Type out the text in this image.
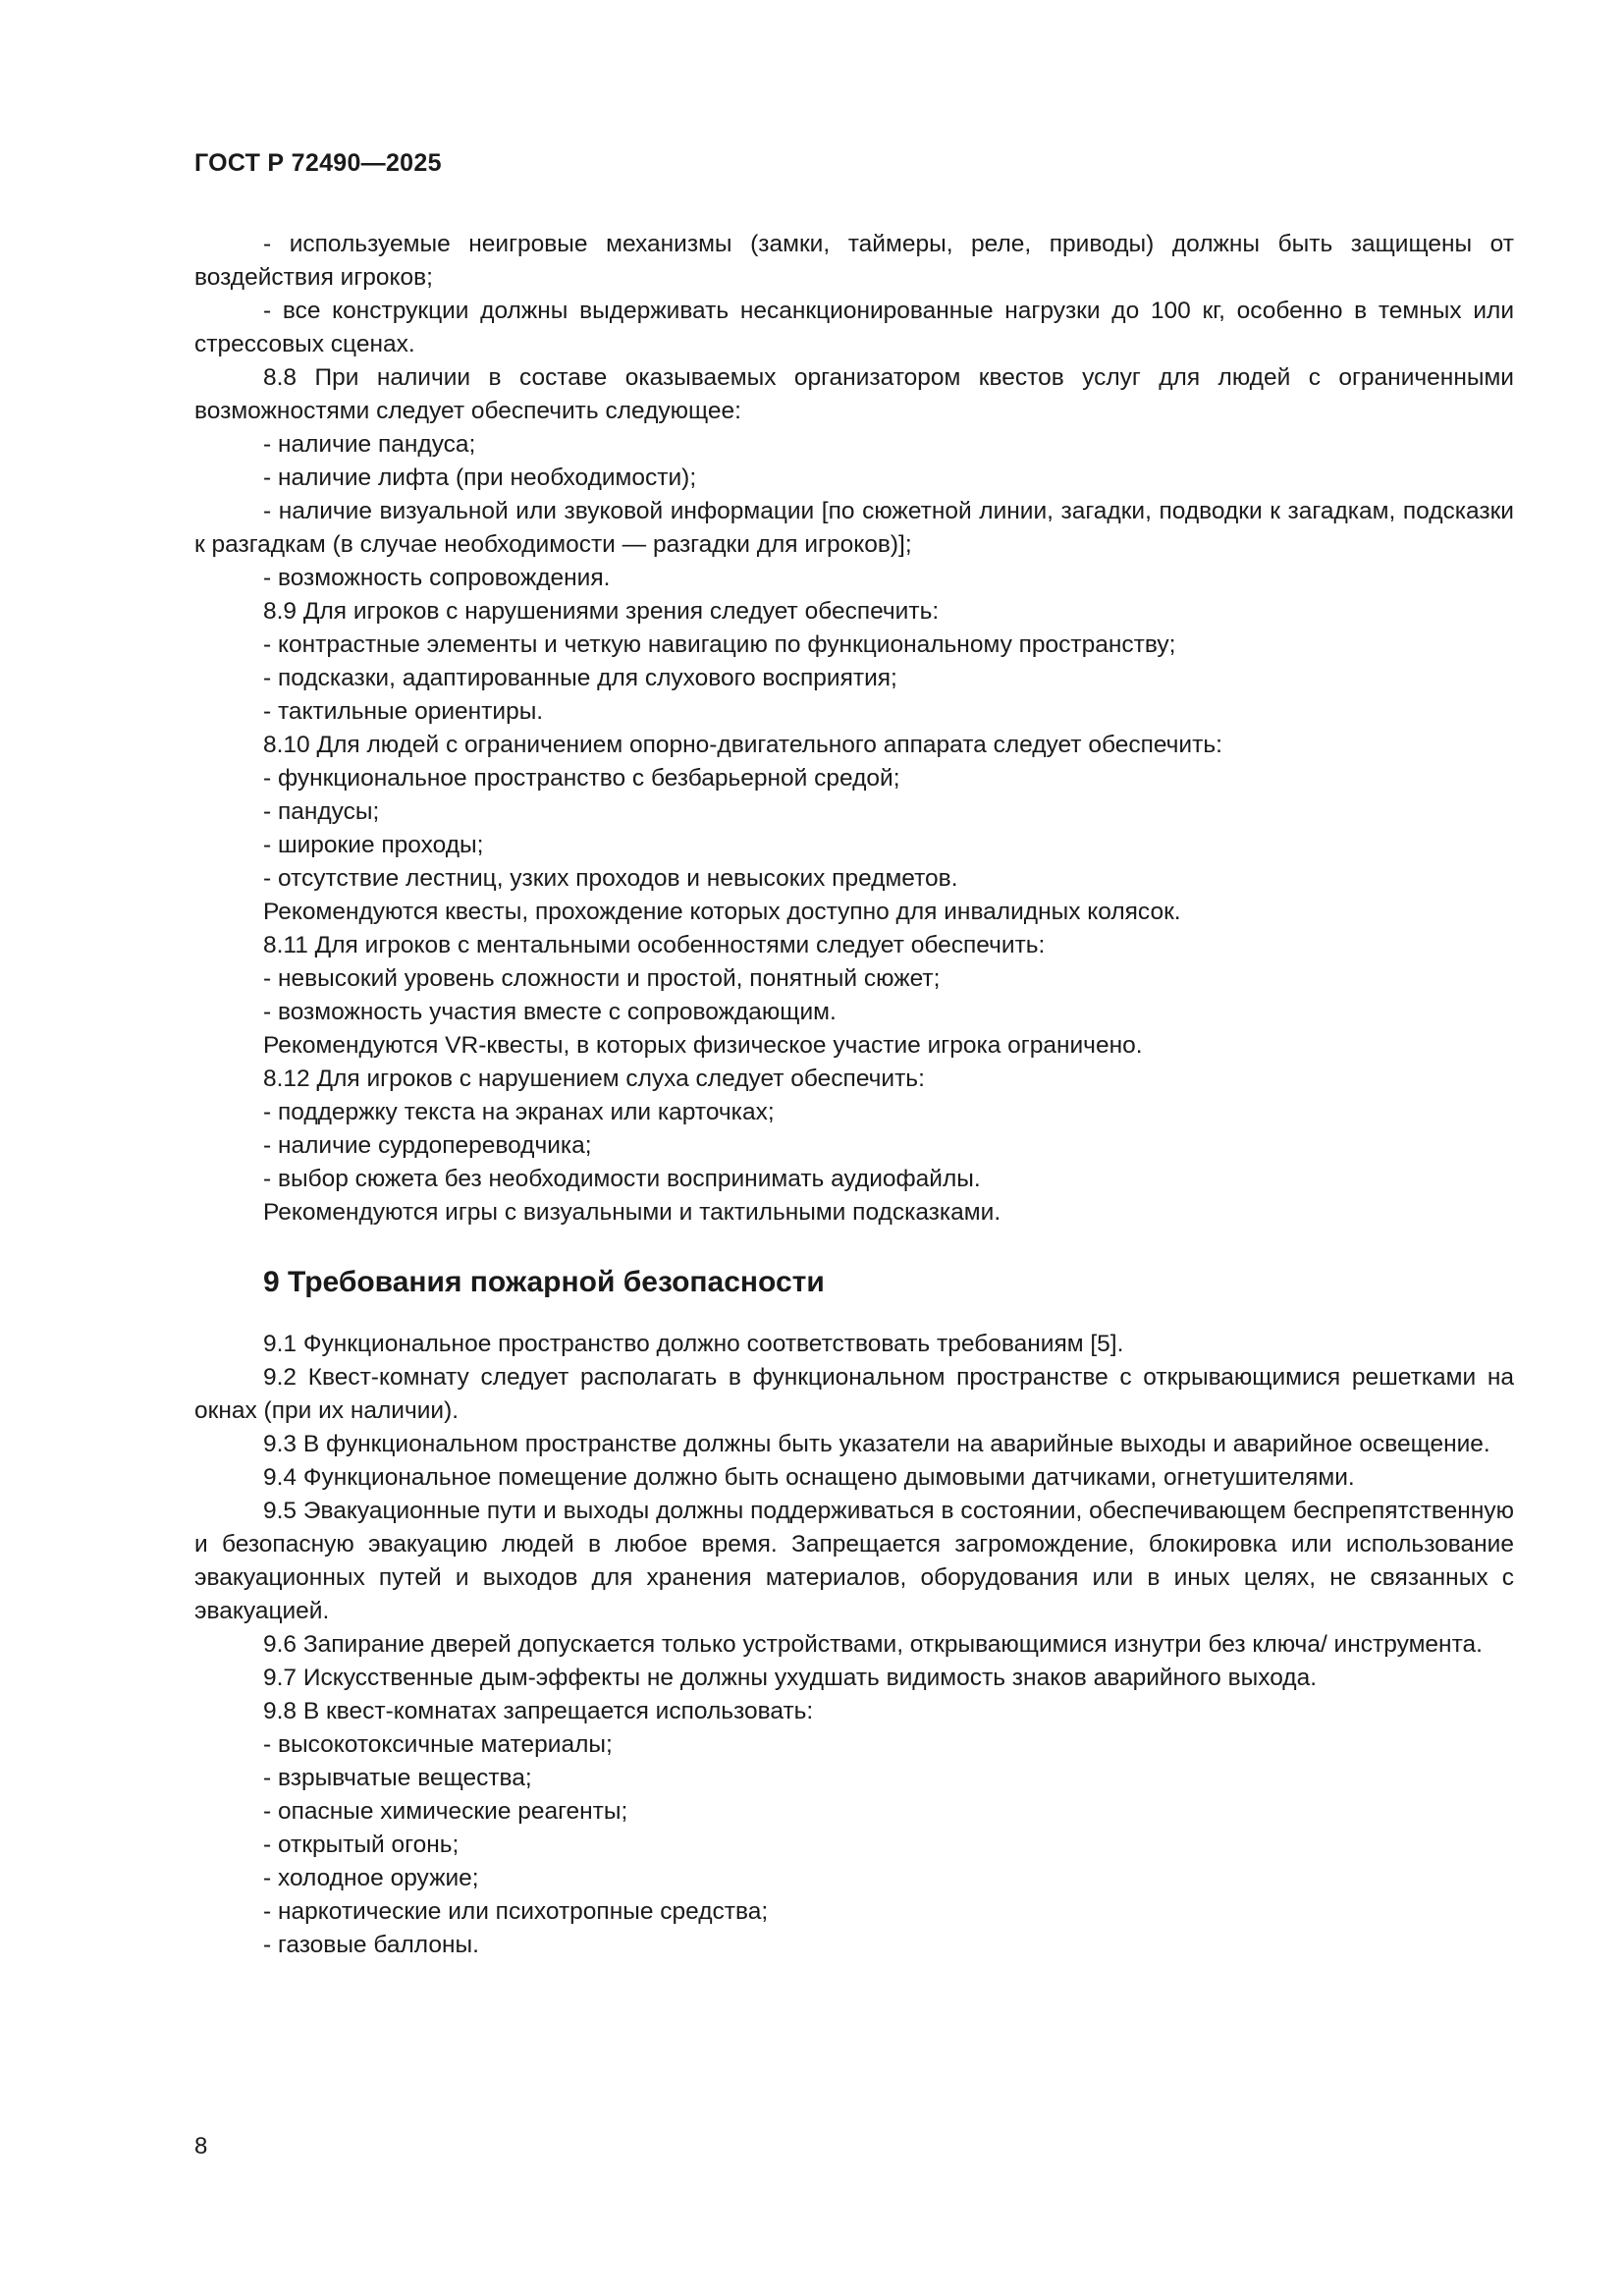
ГОСТ Р 72490—2025

- используемые неигровые механизмы (замки, таймеры, реле, приводы) должны быть защищены от воздействия игроков;

- все конструкции должны выдерживать несанкционированные нагрузки до 100 кг, особенно в темных или стрессовых сценах.

8.8 При наличии в составе оказываемых организатором квестов услуг для людей с ограниченными возможностями следует обеспечить следующее:

- наличие пандуса;

- наличие лифта (при необходимости);

- наличие визуальной или звуковой информации [по сюжетной линии, загадки, подводки к загадкам, подсказки к разгадкам (в случае необходимости — разгадки для игроков)];

- возможность сопровождения.

8.9 Для игроков с нарушениями зрения следует обеспечить:

- контрастные элементы и четкую навигацию по функциональному пространству;

- подсказки, адаптированные для слухового восприятия;

- тактильные ориентиры.

8.10 Для людей с ограничением опорно-двигательного аппарата следует обеспечить:

- функциональное пространство с безбарьерной средой;

- пандусы;

- широкие проходы;

- отсутствие лестниц, узких проходов и невысоких предметов.

Рекомендуются квесты, прохождение которых доступно для инвалидных колясок.

8.11 Для игроков с ментальными особенностями следует обеспечить:

- невысокий уровень сложности и простой, понятный сюжет;

- возможность участия вместе с сопровождающим.

Рекомендуются VR-квесты, в которых физическое участие игрока ограничено.

8.12 Для игроков с нарушением слуха следует обеспечить:

- поддержку текста на экранах или карточках;

- наличие сурдопереводчика;

- выбор сюжета без необходимости воспринимать аудиофайлы.

Рекомендуются игры с визуальными и тактильными подсказками.

9 Требования пожарной безопасности

9.1 Функциональное пространство должно соответствовать требованиям [5].

9.2 Квест-комнату следует располагать в функциональном пространстве с открывающимися решетками на окнах (при их наличии).

9.3 В функциональном пространстве должны быть указатели на аварийные выходы и аварийное освещение.

9.4 Функциональное помещение должно быть оснащено дымовыми датчиками, огнетушителями.

9.5 Эвакуационные пути и выходы должны поддерживаться в состоянии, обеспечивающем беспрепятственную и безопасную эвакуацию людей в любое время. Запрещается загромождение, блокировка или использование эвакуационных путей и выходов для хранения материалов, оборудования или в иных целях, не связанных с эвакуацией.

9.6 Запирание дверей допускается только устройствами, открывающимися изнутри без ключа/ инструмента.

9.7 Искусственные дым-эффекты не должны ухудшать видимость знаков аварийного выхода.

9.8 В квест-комнатах запрещается использовать:

- высокотоксичные материалы;

- взрывчатые вещества;

- опасные химические реагенты;

- открытый огонь;

- холодное оружие;

- наркотические или психотропные средства;

- газовые баллоны.

8
